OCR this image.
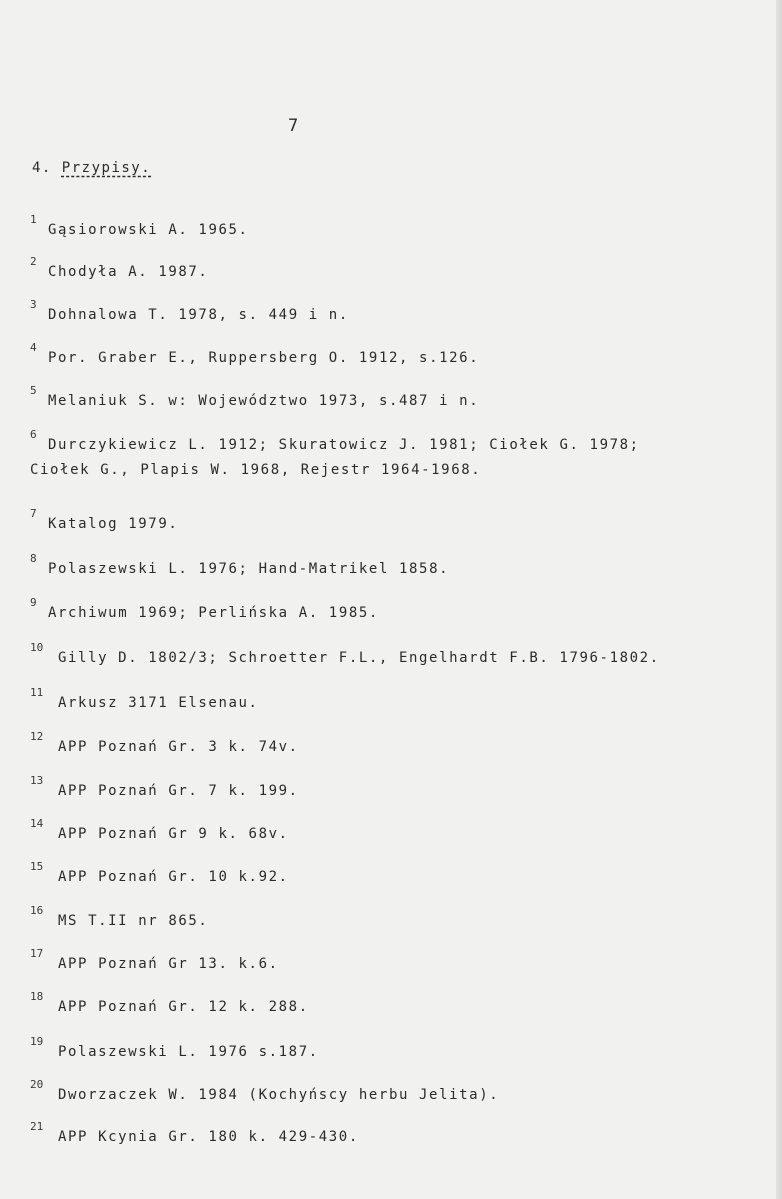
7
4. Przypisy.
1
Gąsiorowski A. 1965.
2
Chodyła A. 1987.
3
Dohnalowa T. 1978, s. 449 i n.
4
Por. Graber E., Ruppersberg O. 1912, s.126.
5
Melaniuk S. w: Województwo 1973, s.487 i n.
6
Durczykiewicz L. 1912; Skuratowicz J. 1981; Ciołek G. 1978;
Ciołek G., Plapis W. 1968, Rejestr 1964-1968.
7
Katalog 1979.
8
Polaszewski L. 1976; Hand-Matrikel 1858.
9
Archiwum 1969; Perlińska A. 1985.
10
Gilly D. 1802/3; Schroetter F.L., Engelhardt F.B. 1796-1802.
11
Arkusz 3171 Elsenau.
12
APP Poznań Gr. 3 k. 74v.
13
APP Poznań Gr. 7 k. 199.
14
APP Poznań Gr 9 k. 68v.
15
APP Poznań Gr. 10 k.92.
16
MS T.II nr 865.
17
APP Poznań Gr 13. k.6.
18
APP Poznań Gr. 12 k. 288.
19
Polaszewski L. 1976 s.187.
20
Dworzaczek W. 1984 (Kochyńscy herbu Jelita).
21
APP Kcynia Gr. 180 k. 429-430.
